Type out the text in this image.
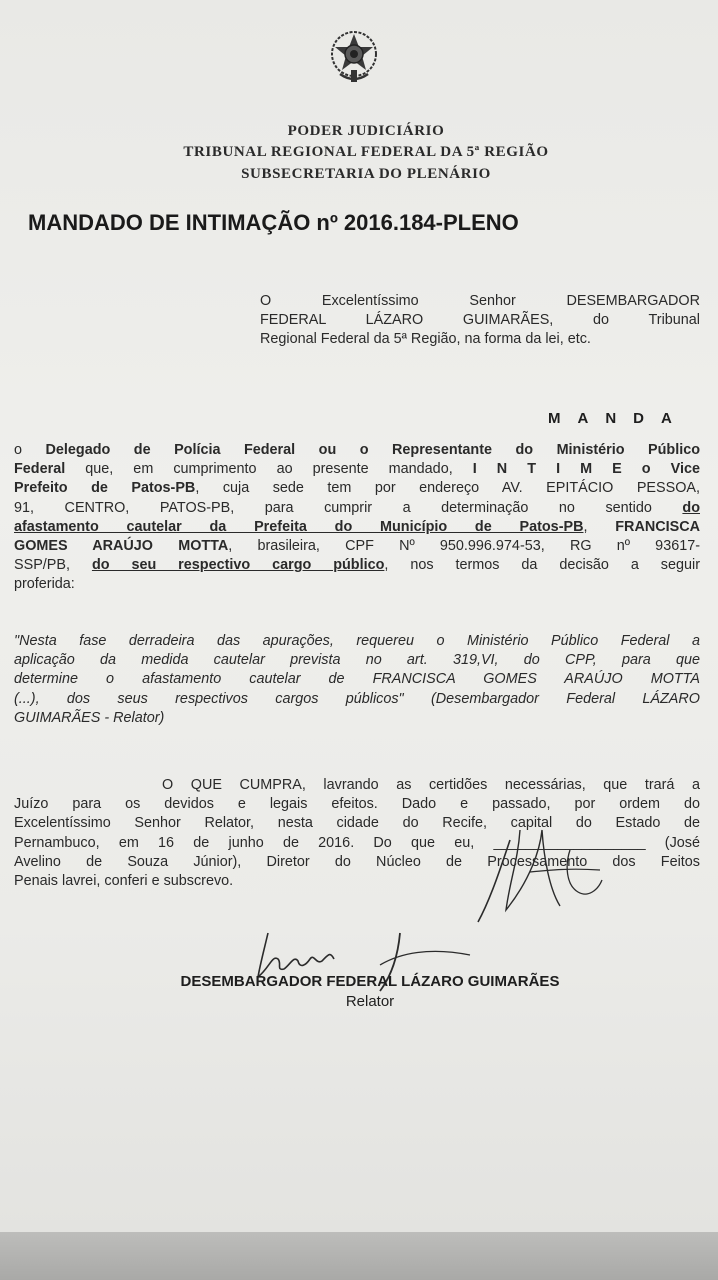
PODER JUDICIÁRIO
TRIBUNAL REGIONAL FEDERAL DA 5ª REGIÃO
SUBSECRETARIA DO PLENÁRIO
MANDADO DE INTIMAÇÃO nº 2016.184-PLENO
O Excelentíssimo Senhor DESEMBARGADOR
FEDERAL LÁZARO GUIMARÃES, do Tribunal
Regional Federal da 5ª Região, na forma da lei, etc.
MANDA
o Delegado de Polícia Federal ou o Representante do Ministério Público
Federal que, em cumprimento ao presente mandado, I N T I M E o Vice
Prefeito de Patos-PB, cuja sede tem por endereço AV. EPITÁCIO PESSOA,
91, CENTRO, PATOS-PB, para cumprir a determinação no sentido do
afastamento cautelar da Prefeita do Município de Patos-PB, FRANCISCA
GOMES ARAÚJO MOTTA, brasileira, CPF Nº 950.996.974-53, RG nº 93617-
SSP/PB, do seu respectivo cargo público, nos termos da decisão a seguir
proferida:
"Nesta fase derradeira das apurações, requereu o Ministério Público Federal a
aplicação da medida cautelar prevista no art. 319,VI, do CPP, para que
determine o afastamento cautelar de FRANCISCA GOMES ARAÚJO MOTTA
(...), dos seus respectivos cargos públicos" (Desembargador Federal LÁZARO
GUIMARÃES - Relator)
O QUE CUMPRA, lavrando as certidões necessárias, que trará a
Juízo para os devidos e legais efeitos. Dado e passado, por ordem do
Excelentíssimo Senhor Relator, nesta cidade do Recife, capital do Estado de
Pernambuco, em 16 de junho de 2016. Do que eu, ___________________ (José
Avelino de Souza Júnior), Diretor do Núcleo de Processamento dos Feitos
Penais lavrei, conferi e subscrevo.
DESEMBARGADOR FEDERAL LÁZARO GUIMARÃES
Relator
